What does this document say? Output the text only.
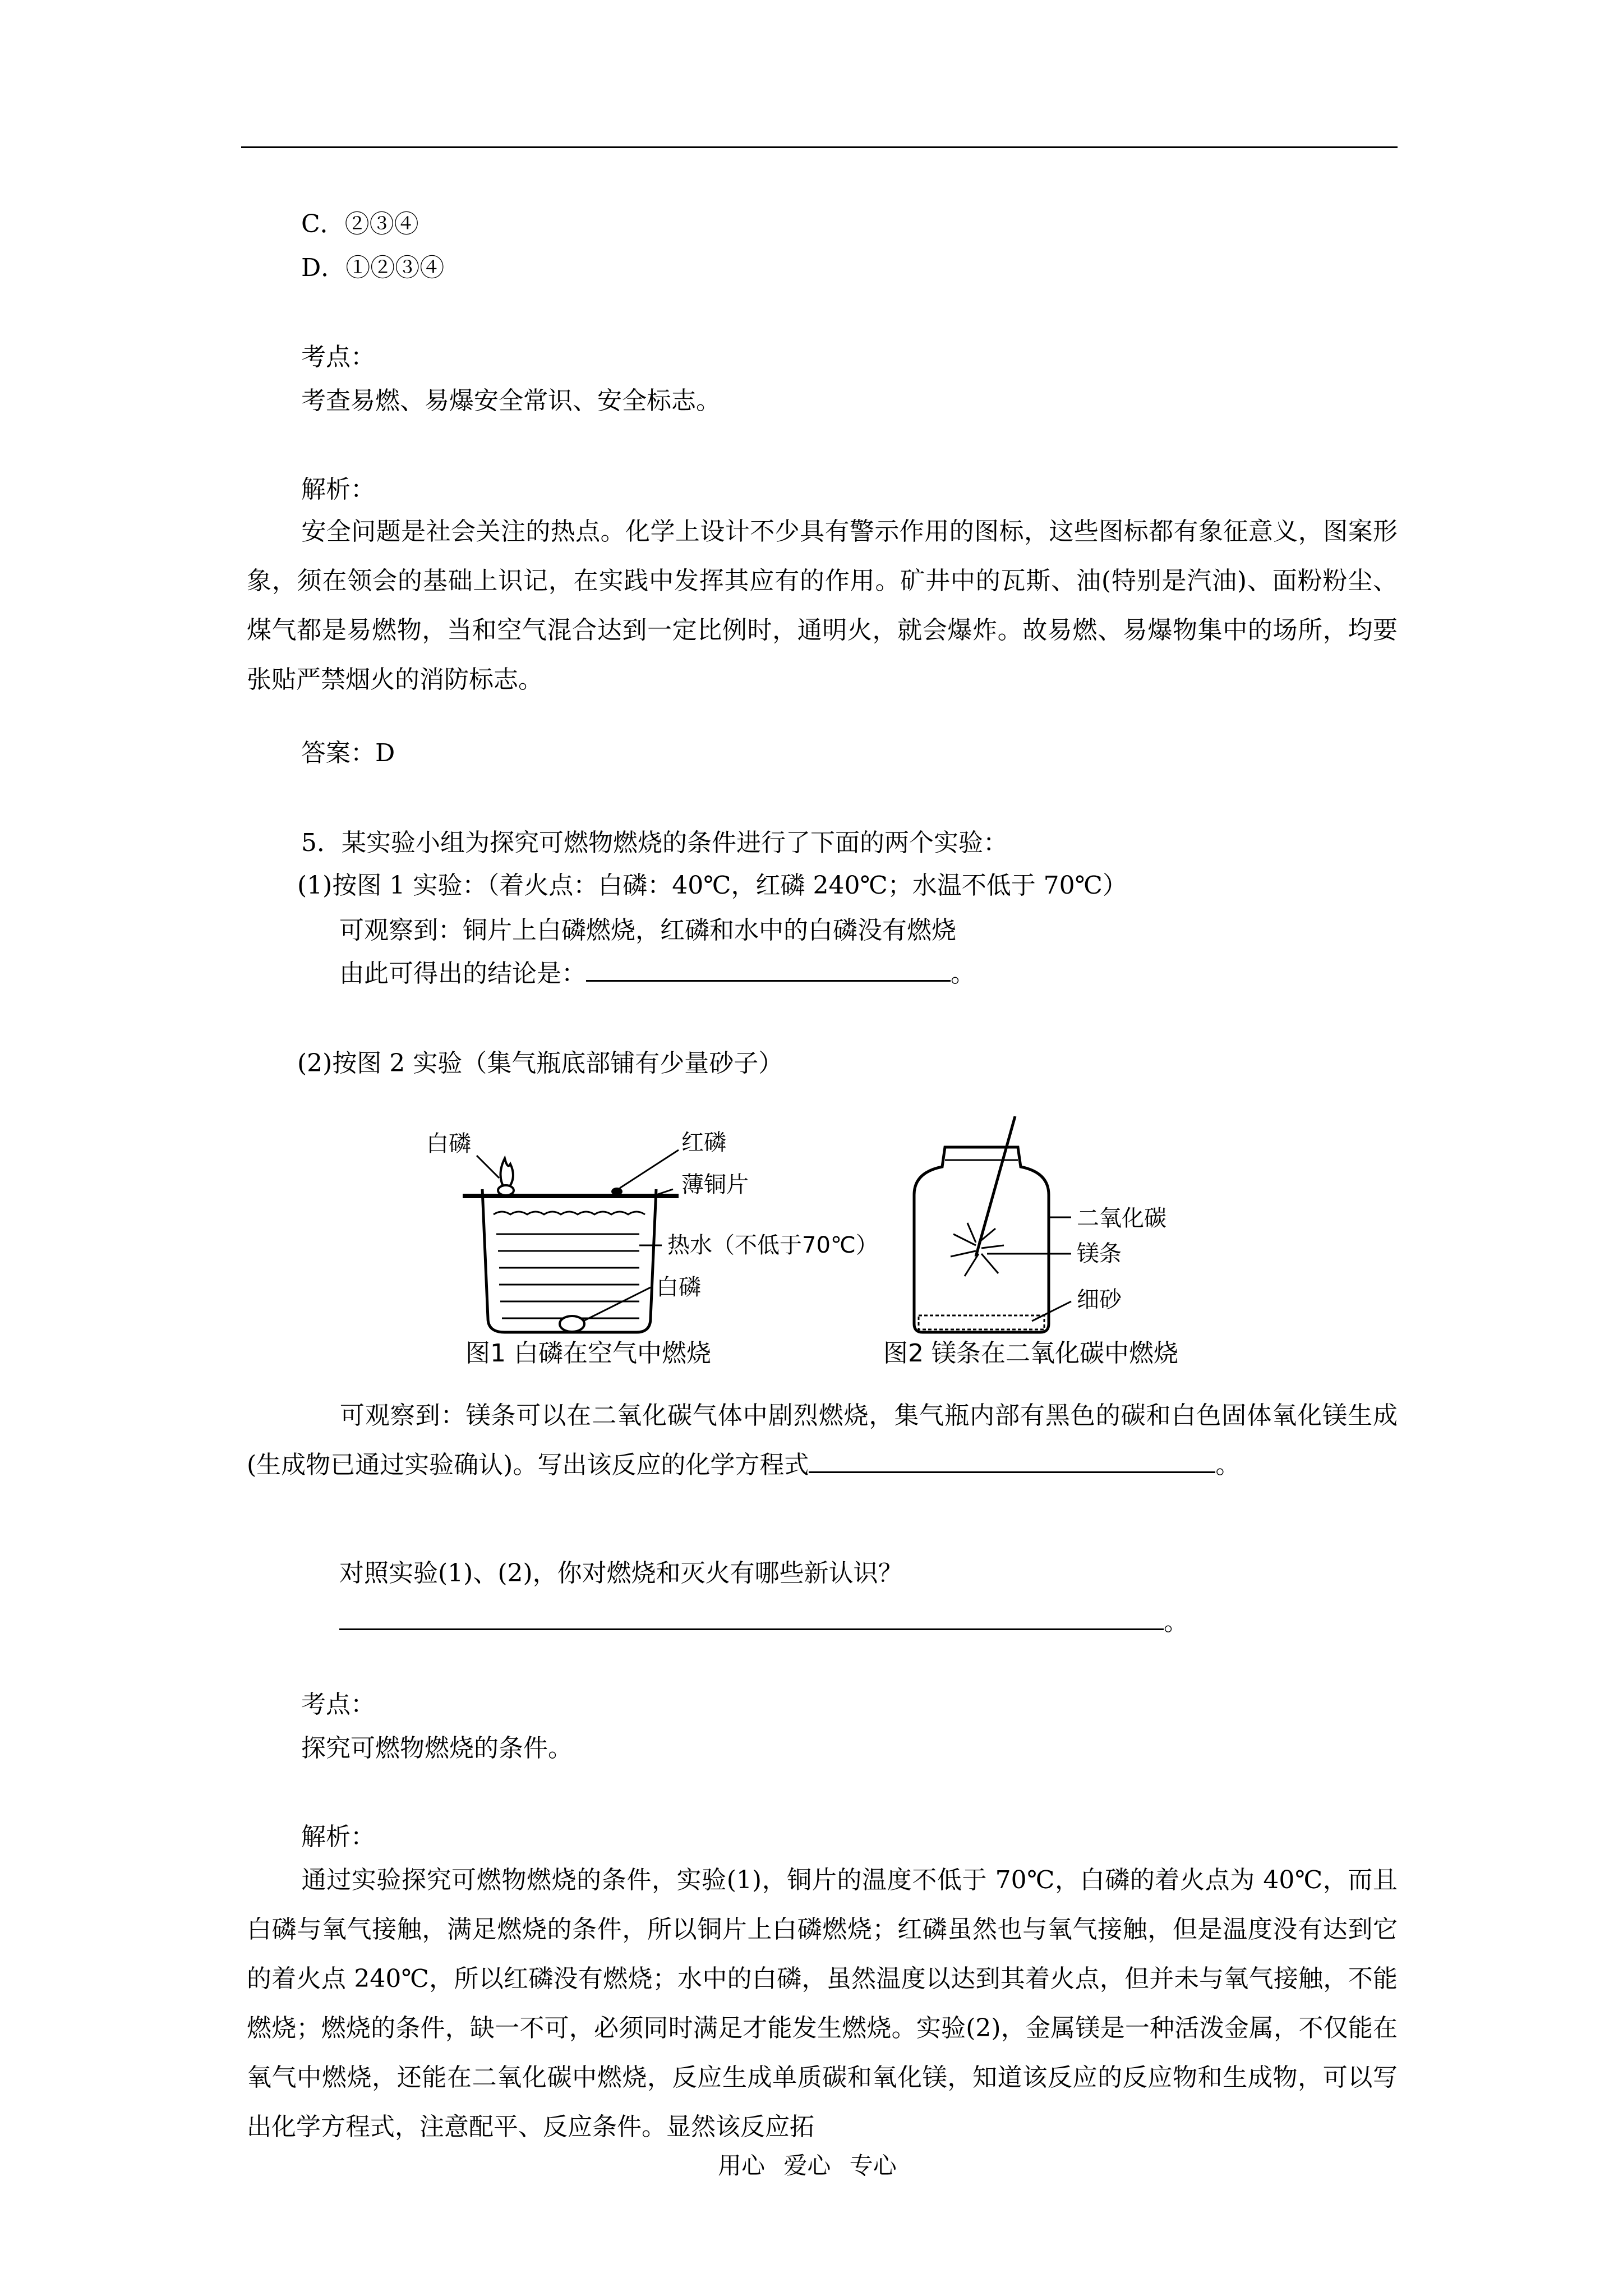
C．②③④
D．①②③④
考点：
考查易燃、易爆安全常识、安全标志。
解析：
安全问题是社会关注的热点。化学上设计不少具有警示作用的图标，这些图标都有象征意义，图案形象，须在领会的基础上识记，在实践中发挥其应有的作用。矿井中的瓦斯、油(特别是汽油)、面粉粉尘、煤气都是易燃物，当和空气混合达到一定比例时，通明火，就会爆炸。故易燃、易爆物集中的场所，均要张贴严禁烟火的消防标志。
答案：D
5．某实验小组为探究可燃物燃烧的条件进行了下面的两个实验：
(1)按图 1 实验：（着火点：白磷：40℃，红磷 240℃；水温不低于 70℃）
可观察到：铜片上白磷燃烧，红磷和水中的白磷没有燃烧
由此可得出的结论是：	。
(2)按图 2 实验（集气瓶底部铺有少量砂子）
白磷	红磷
薄铜片
热水（不低于70℃）
白磷
图1 白磷在空气中燃烧
二氧化碳
镁条
细砂
图2 镁条在二氧化碳中燃烧
可观察到：镁条可以在二氧化碳气体中剧烈燃烧，集气瓶内部有黑色的碳和白色固体氧化镁生成(生成物已通过实验确认)。写出该反应的化学方程式	。
对照实验(1)、(2)，你对燃烧和灭火有哪些新认识？
。
考点：
探究可燃物燃烧的条件。
解析：
通过实验探究可燃物燃烧的条件，实验(1)，铜片的温度不低于 70℃，白磷的着火点为 40℃，而且白磷与氧气接触，满足燃烧的条件，所以铜片上白磷燃烧；红磷虽然也与氧气接触，但是温度没有达到它的着火点 240℃，所以红磷没有燃烧；水中的白磷，虽然温度以达到其着火点，但并未与氧气接触，不能燃烧；燃烧的条件，缺一不可，必须同时满足才能发生燃烧。实验(2)，金属镁是一种活泼金属，不仅能在氧气中燃烧，还能在二氧化碳中燃烧，反应生成单质碳和氧化镁，知道该反应的反应物和生成物，可以写出化学方程式，注意配平、反应条件。显然该反应拓
用心 爱心 专心
